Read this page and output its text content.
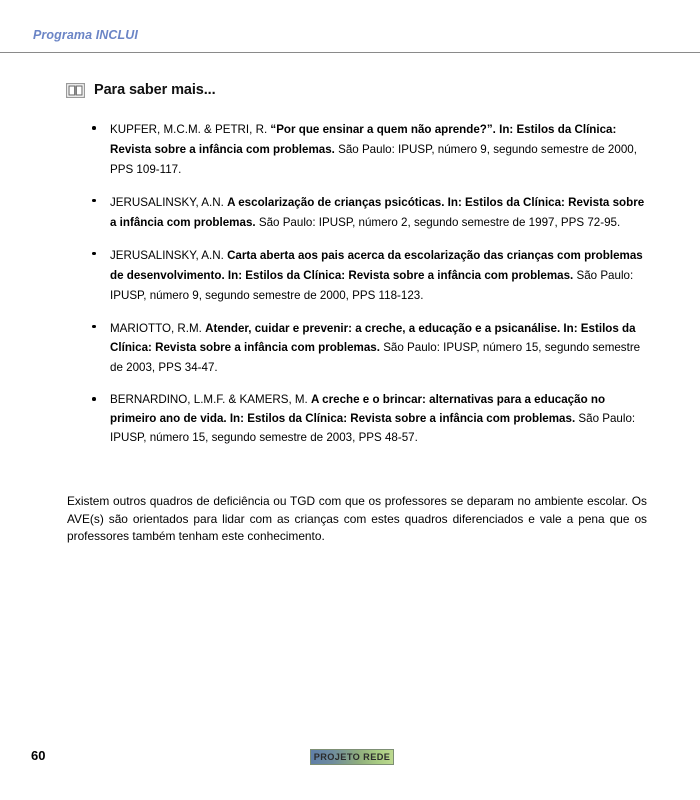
Programa INCLUI
Para saber mais...
KUPFER, M.C.M. & PETRI, R. “Por que ensinar a quem não aprende?”. In: Estilos da Clínica: Revista sobre a infância com problemas. São Paulo: IPUSP, número 9, segundo semestre de 2000, PPS 109-117.
JERUSALINSKY, A.N. A escolarização de crianças psicóticas. In: Estilos da Clínica: Revista sobre a infância com problemas. São Paulo: IPUSP, número 2, segundo semestre de 1997, PPS 72-95.
JERUSALINSKY, A.N. Carta aberta aos pais acerca da escolarização das crianças com problemas de desenvolvimento. In: Estilos da Clínica: Revista sobre a infância com problemas. São Paulo: IPUSP, número 9, segundo semestre de 2000, PPS 118-123.
MARIOTTO, R.M. Atender, cuidar e prevenir: a creche, a educação e a psicanálise. In: Estilos da Clínica: Revista sobre a infância com problemas. São Paulo: IPUSP, número 15, segundo semestre de 2003, PPS 34-47.
BERNARDINO, L.M.F. & KAMERS, M. A creche e o brincar: alternativas para a educação no primeiro ano de vida. In: Estilos da Clínica: Revista sobre a infância com problemas. São Paulo: IPUSP, número 15, segundo semestre de 2003, PPS 48-57.

Existem outros quadros de deficiência ou TGD com que os professores se deparam no ambiente escolar. Os AVE(s) são orientados para lidar com as crianças com estes quadros diferenciados e vale a pena que os professores também tenham este conhecimento.

60	PROJETO REDE
